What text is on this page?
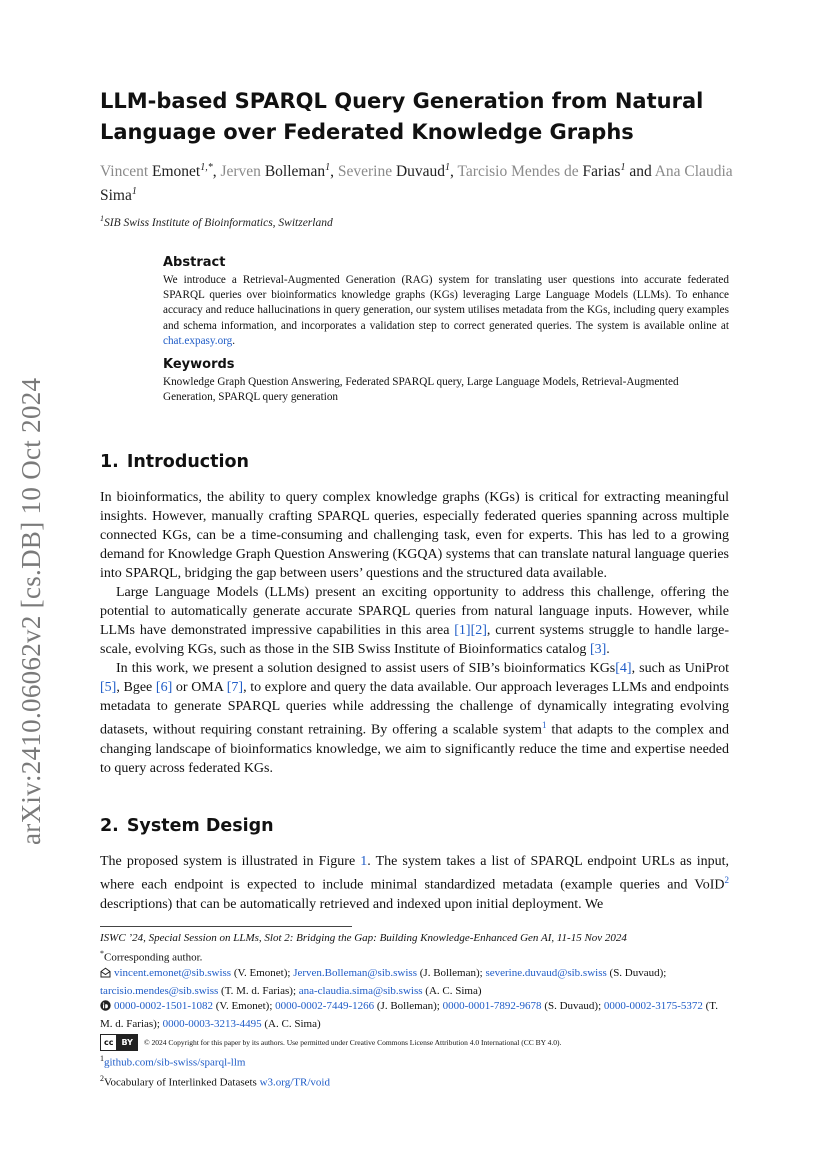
arXiv:2410.06062v2 [cs.DB] 10 Oct 2024
LLM-based SPARQL Query Generation from Natural
Language over Federated Knowledge Graphs
Vincent Emonet$^{1,*}$, Jerven Bolleman$^1$, Severine Duvaud$^1$, Tarcisio Mendes de Farias$^1$ and Ana Claudia Sima$^1$
$^1$SIB Swiss Institute of Bioinformatics, Switzerland
Abstract

We introduce a Retrieval-Augmented Generation (RAG) system for translating user questions into accurate federated SPARQL queries over bioinformatics knowledge graphs (KGs) leveraging Large Language Models (LLMs). To enhance accuracy and reduce hallucinations in query generation, our system utilises metadata from the KGs, including query examples and schema information, and incorporates a validation step to correct generated queries. The system is available online at chat.expasy.org.

Keywords

Knowledge Graph Question Answering, Federated SPARQL query, Large Language Models, Retrieval-Augmented Generation, SPARQL query generation

1. Introduction

In bioinformatics, the ability to query complex knowledge graphs (KGs) is critical for extracting meaningful insights. However, manually crafting SPARQL queries, especially federated queries spanning across multiple connected KGs, can be a time-consuming and challenging task, even for experts. This has led to a growing demand for Knowledge Graph Question Answering (KGQA) systems that can translate natural language queries into SPARQL, bridging the gap between users’ questions and the structured data available.

Large Language Models (LLMs) present an exciting opportunity to address this challenge, offering the potential to automatically generate accurate SPARQL queries from natural language inputs. However, while LLMs have demonstrated impressive capabilities in this area [1][2], current systems struggle to handle large-scale, evolving KGs, such as those in the SIB Swiss Institute of Bioinformatics catalog [3].

In this work, we present a solution designed to assist users of SIB’s bioinformatics KGs[4], such as UniProt [5], Bgee [6] or OMA [7], to explore and query the data available. Our approach leverages LLMs and endpoints metadata to generate SPARQL queries while addressing the challenge of dynamically integrating evolving datasets, without requiring constant retraining. By offering a scalable system$^1$ that adapts to the complex and changing landscape of bioinformatics knowledge, we aim to significantly reduce the time and expertise needed to query across federated KGs.

2. System Design

The proposed system is illustrated in Figure 1. The system takes a list of SPARQL endpoint URLs as input, where each endpoint is expected to include minimal standardized metadata (example queries and VoID$^2$ descriptions) that can be automatically retrieved and indexed upon initial deployment. We

ISWC ’24, Special Session on LLMs, Slot 2: Bridging the Gap: Building Knowledge-Enhanced Gen AI, 11-15 Nov 2024

*Corresponding author.

vincent.emonet@sib.swiss (V. Emonet); Jerven.Bolleman@sib.swiss (J. Bolleman); severine.duvaud@sib.swiss (S. Duvaud); tarcisio.mendes@sib.swiss (T. M. d. Farias); ana-claudia.sima@sib.swiss (A. C. Sima)

0000-0002-1501-1082 (V. Emonet); 0000-0002-7449-1266 (J. Bolleman); 0000-0001-7892-9678 (S. Duvaud); 0000-0002-3175-5372 (T. M. d. Farias); 0000-0003-3213-4495 (A. C. Sima)

cc	BY	© 2024 Copyright for this paper by its authors. Use permitted under Creative Commons License Attribution 4.0 International (CC BY 4.0).

$^1$github.com/sib-swiss/sparql-llm

$^2$Vocabulary of Interlinked Datasets w3.org/TR/void
